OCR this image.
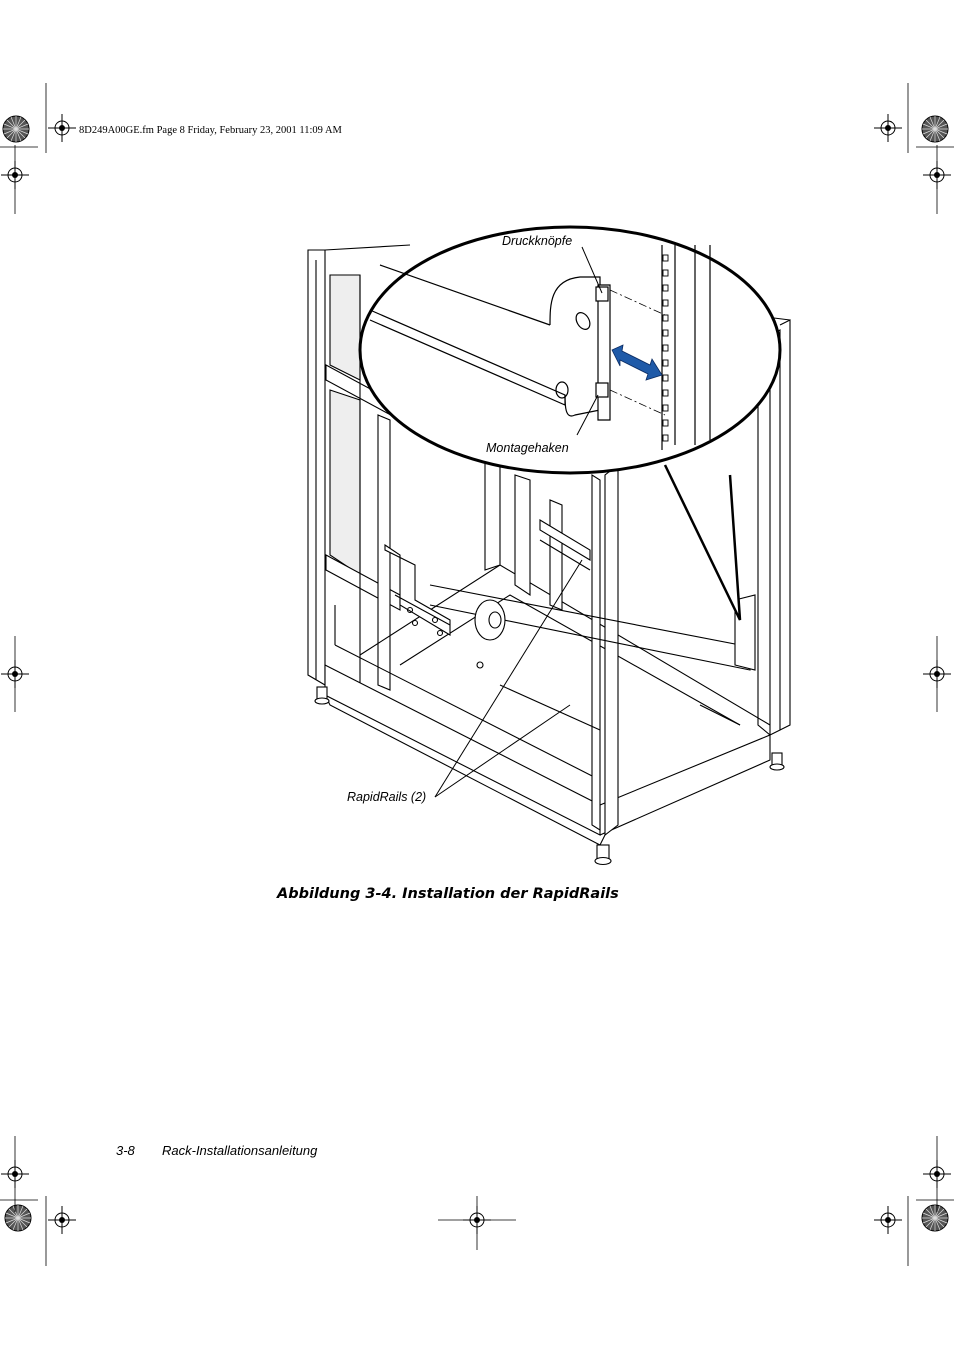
8D249A00GE.fm Page 8 Friday, February 23, 2001 11:09 AM
Druckknöpfe
Montagehaken
RapidRails (2)
Abbildung 3-4. Installation der RapidRails
3-8 Rack-Installationsanleitung
